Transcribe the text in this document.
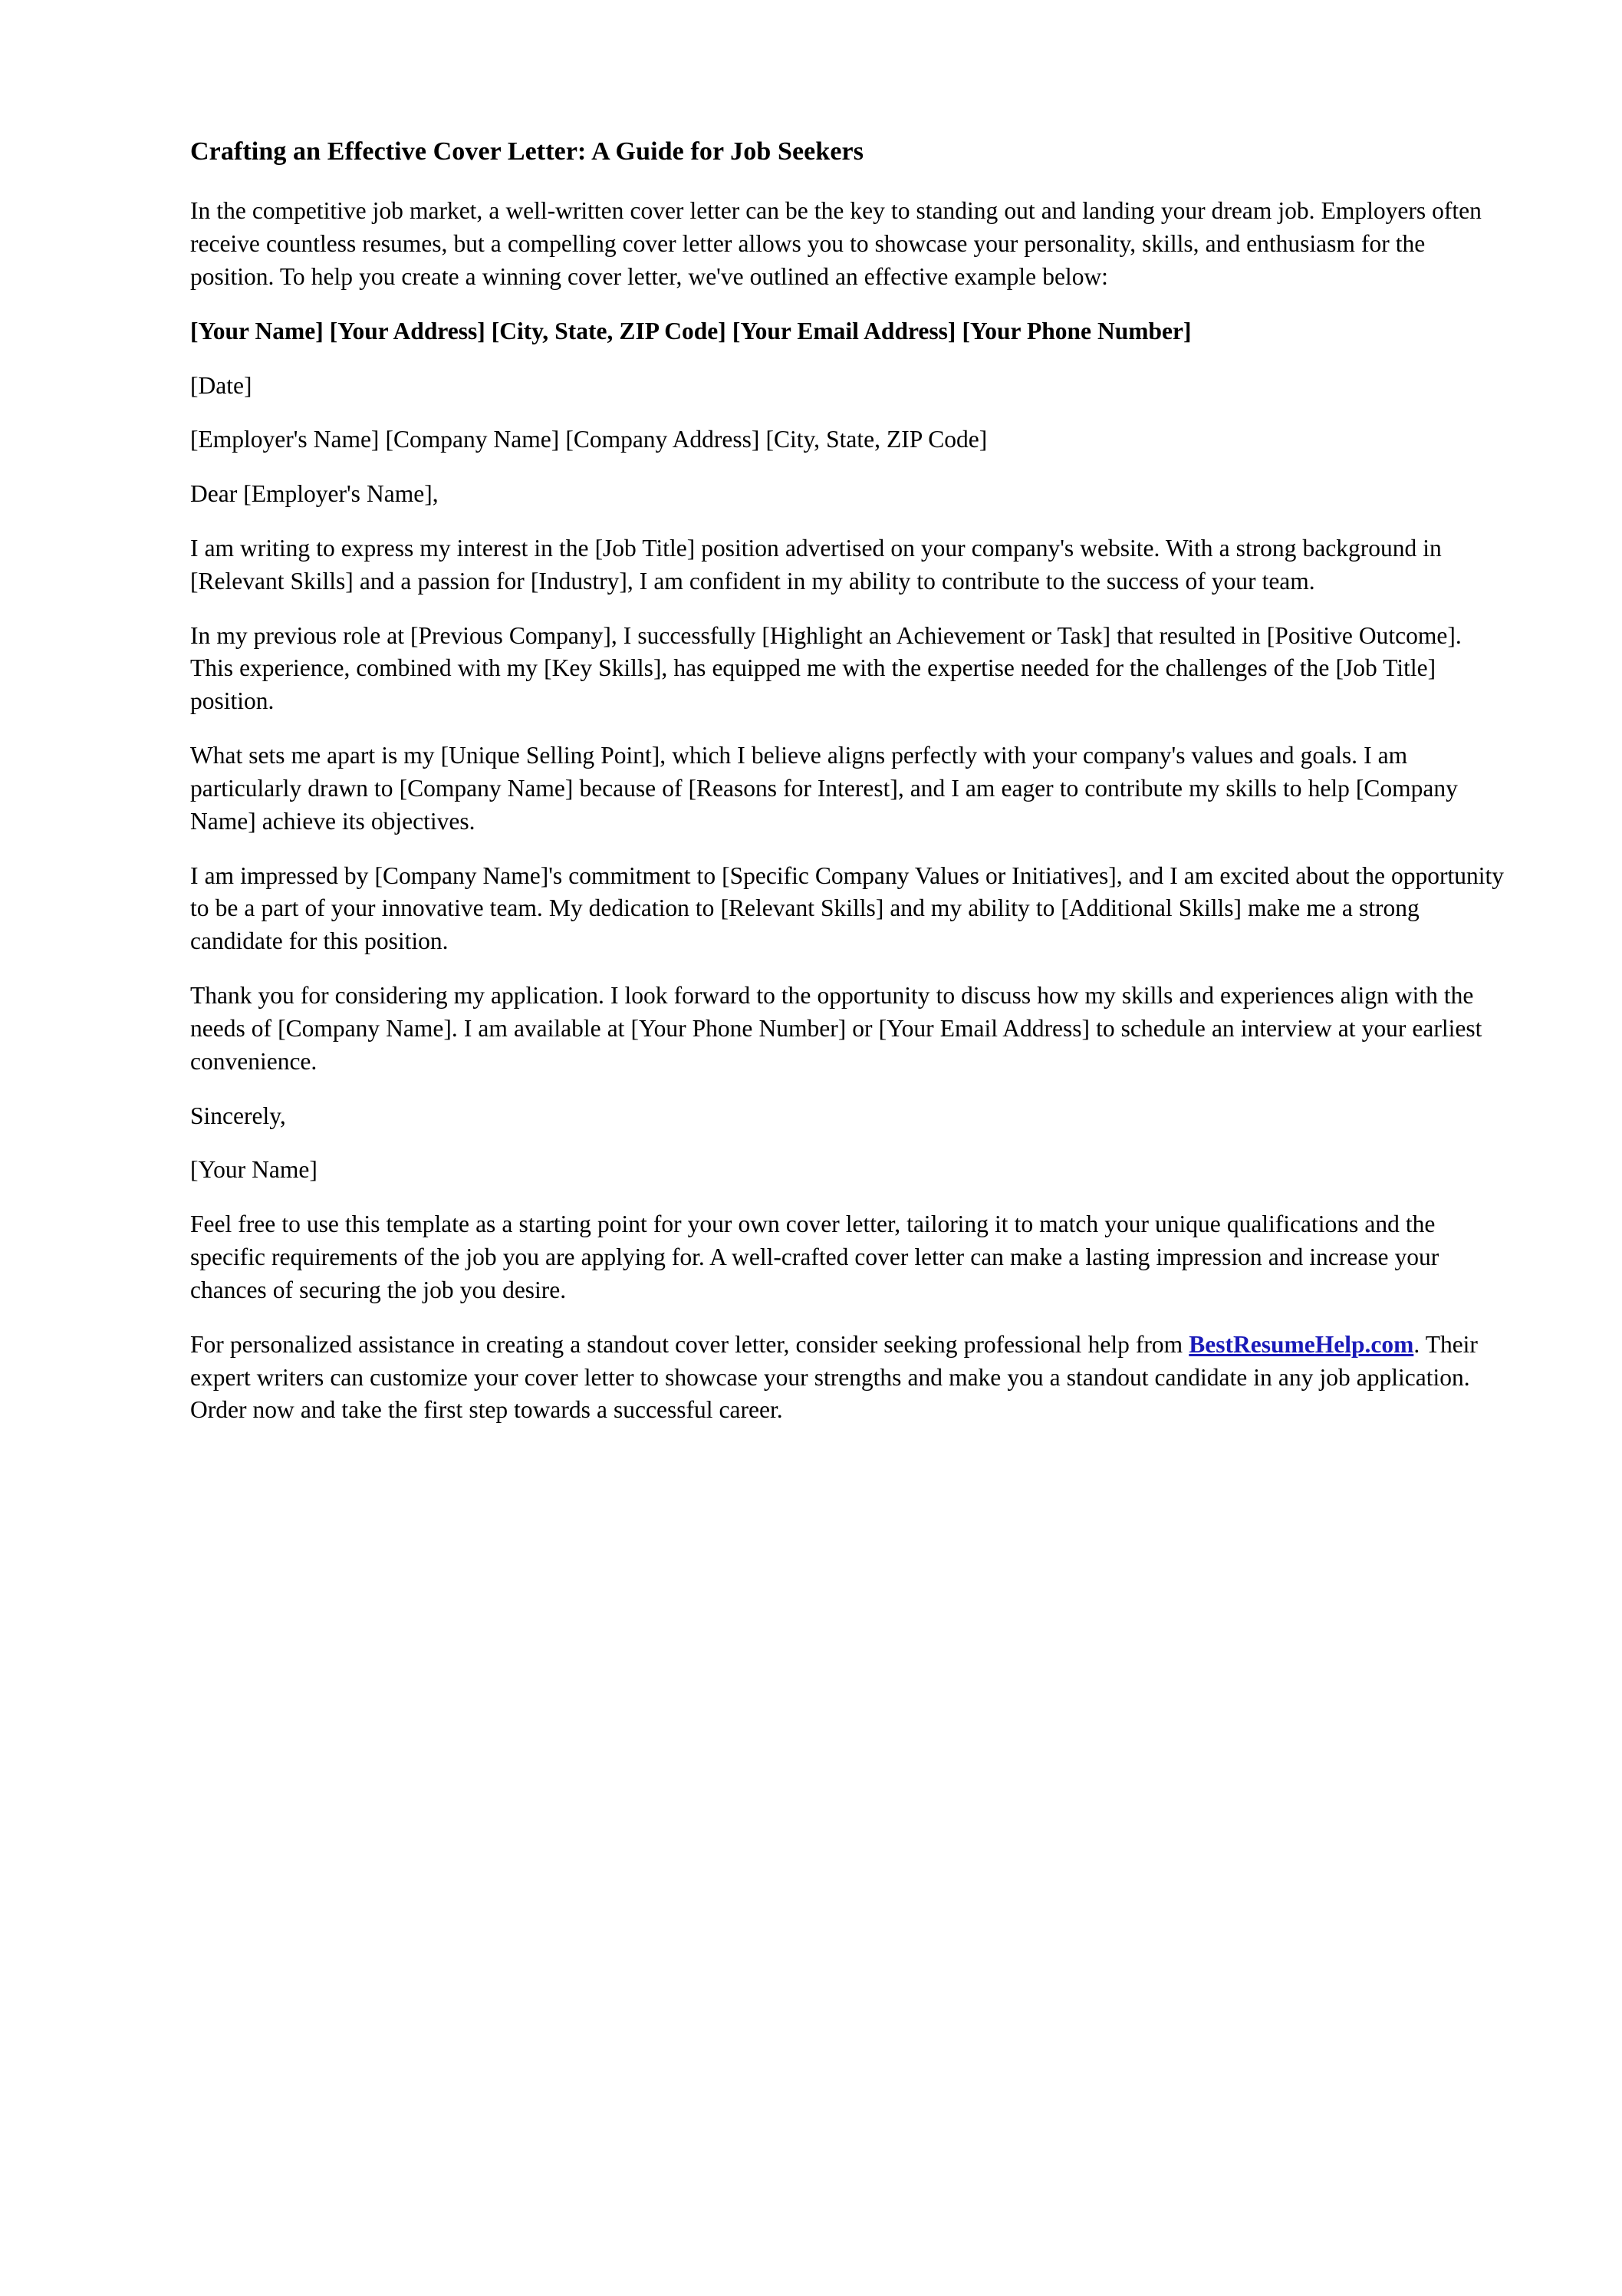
Crafting an Effective Cover Letter: A Guide for Job Seekers

In the competitive job market, a well-written cover letter can be the key to standing out and landing your dream job. Employers often receive countless resumes, but a compelling cover letter allows you to showcase your personality, skills, and enthusiasm for the position. To help you create a winning cover letter, we've outlined an effective example below:

[Your Name] [Your Address] [City, State, ZIP Code] [Your Email Address] [Your Phone Number]

[Date]

[Employer's Name] [Company Name] [Company Address] [City, State, ZIP Code]

Dear [Employer's Name],

I am writing to express my interest in the [Job Title] position advertised on your company's website. With a strong background in [Relevant Skills] and a passion for [Industry], I am confident in my ability to contribute to the success of your team.

In my previous role at [Previous Company], I successfully [Highlight an Achievement or Task] that resulted in [Positive Outcome]. This experience, combined with my [Key Skills], has equipped me with the expertise needed for the challenges of the [Job Title] position.

What sets me apart is my [Unique Selling Point], which I believe aligns perfectly with your company's values and goals. I am particularly drawn to [Company Name] because of [Reasons for Interest], and I am eager to contribute my skills to help [Company Name] achieve its objectives.

I am impressed by [Company Name]'s commitment to [Specific Company Values or Initiatives], and I am excited about the opportunity to be a part of your innovative team. My dedication to [Relevant Skills] and my ability to [Additional Skills] make me a strong candidate for this position.

Thank you for considering my application. I look forward to the opportunity to discuss how my skills and experiences align with the needs of [Company Name]. I am available at [Your Phone Number] or [Your Email Address] to schedule an interview at your earliest convenience.

Sincerely,

[Your Name]

Feel free to use this template as a starting point for your own cover letter, tailoring it to match your unique qualifications and the specific requirements of the job you are applying for. A well-crafted cover letter can make a lasting impression and increase your chances of securing the job you desire.

For personalized assistance in creating a standout cover letter, consider seeking professional help from BestResumeHelp.com. Their expert writers can customize your cover letter to showcase your strengths and make you a standout candidate in any job application. Order now and take the first step towards a successful career.
